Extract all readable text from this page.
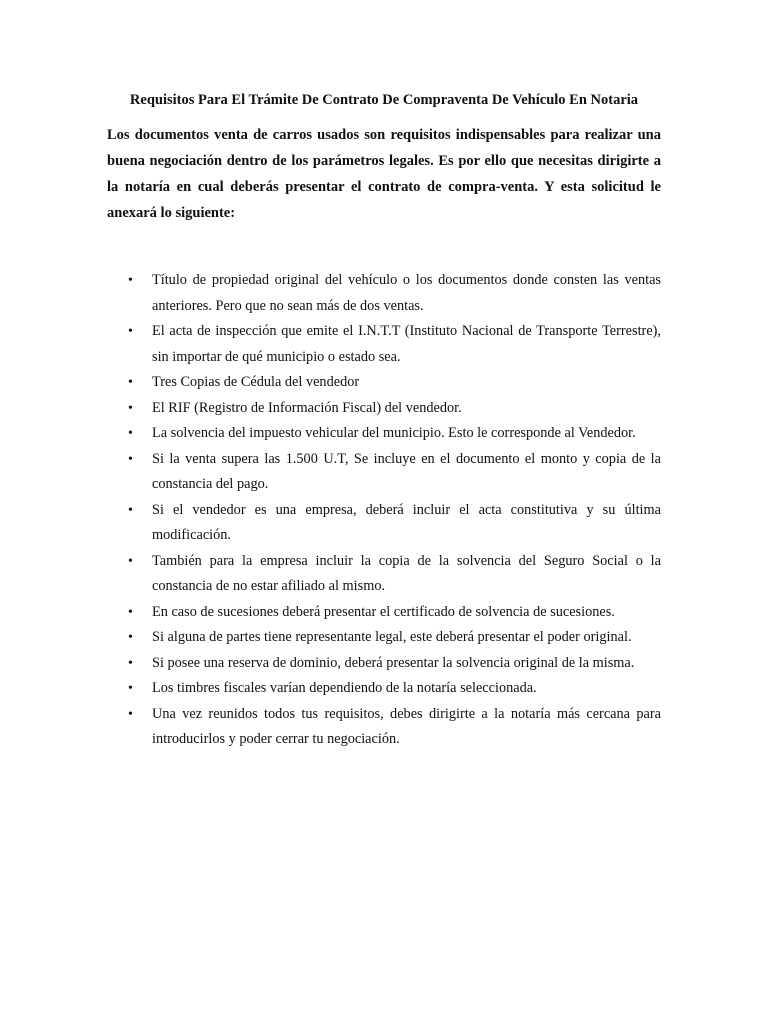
Requisitos Para El Trámite De Contrato De Compraventa De Vehículo En Notaria

Los documentos venta de carros usados son requisitos indispensables para realizar una buena negociación dentro de los parámetros legales. Es por ello que necesitas dirigirte a la notaría en cual deberás presentar el contrato de compra-venta. Y esta solicitud le anexará lo siguiente:

• Título de propiedad original del vehículo o los documentos donde consten las ventas anteriores. Pero que no sean más de dos ventas.
• El acta de inspección que emite el I.N.T.T (Instituto Nacional de Transporte Terrestre), sin importar de qué municipio o estado sea.
• Tres Copias de Cédula del vendedor
• El RIF (Registro de Información Fiscal) del vendedor.
• La solvencia del impuesto vehicular del municipio. Esto le corresponde al Vendedor.
• Si la venta supera las 1.500 U.T, Se incluye en el documento el monto y copia de la constancia del pago.
• Si el vendedor es una empresa, deberá incluir el acta constitutiva y su última modificación.
• También para la empresa incluir la copia de la solvencia del Seguro Social o la constancia de no estar afiliado al mismo.
• En caso de sucesiones deberá presentar el certificado de solvencia de sucesiones.
• Si alguna de partes tiene representante legal, este deberá presentar el poder original.
• Si posee una reserva de dominio, deberá presentar la solvencia original de la misma.
• Los timbres fiscales varían dependiendo de la notaría seleccionada.
• Una vez reunidos todos tus requisitos, debes dirigirte a la notaría más cercana para introducirlos y poder cerrar tu negociación.
